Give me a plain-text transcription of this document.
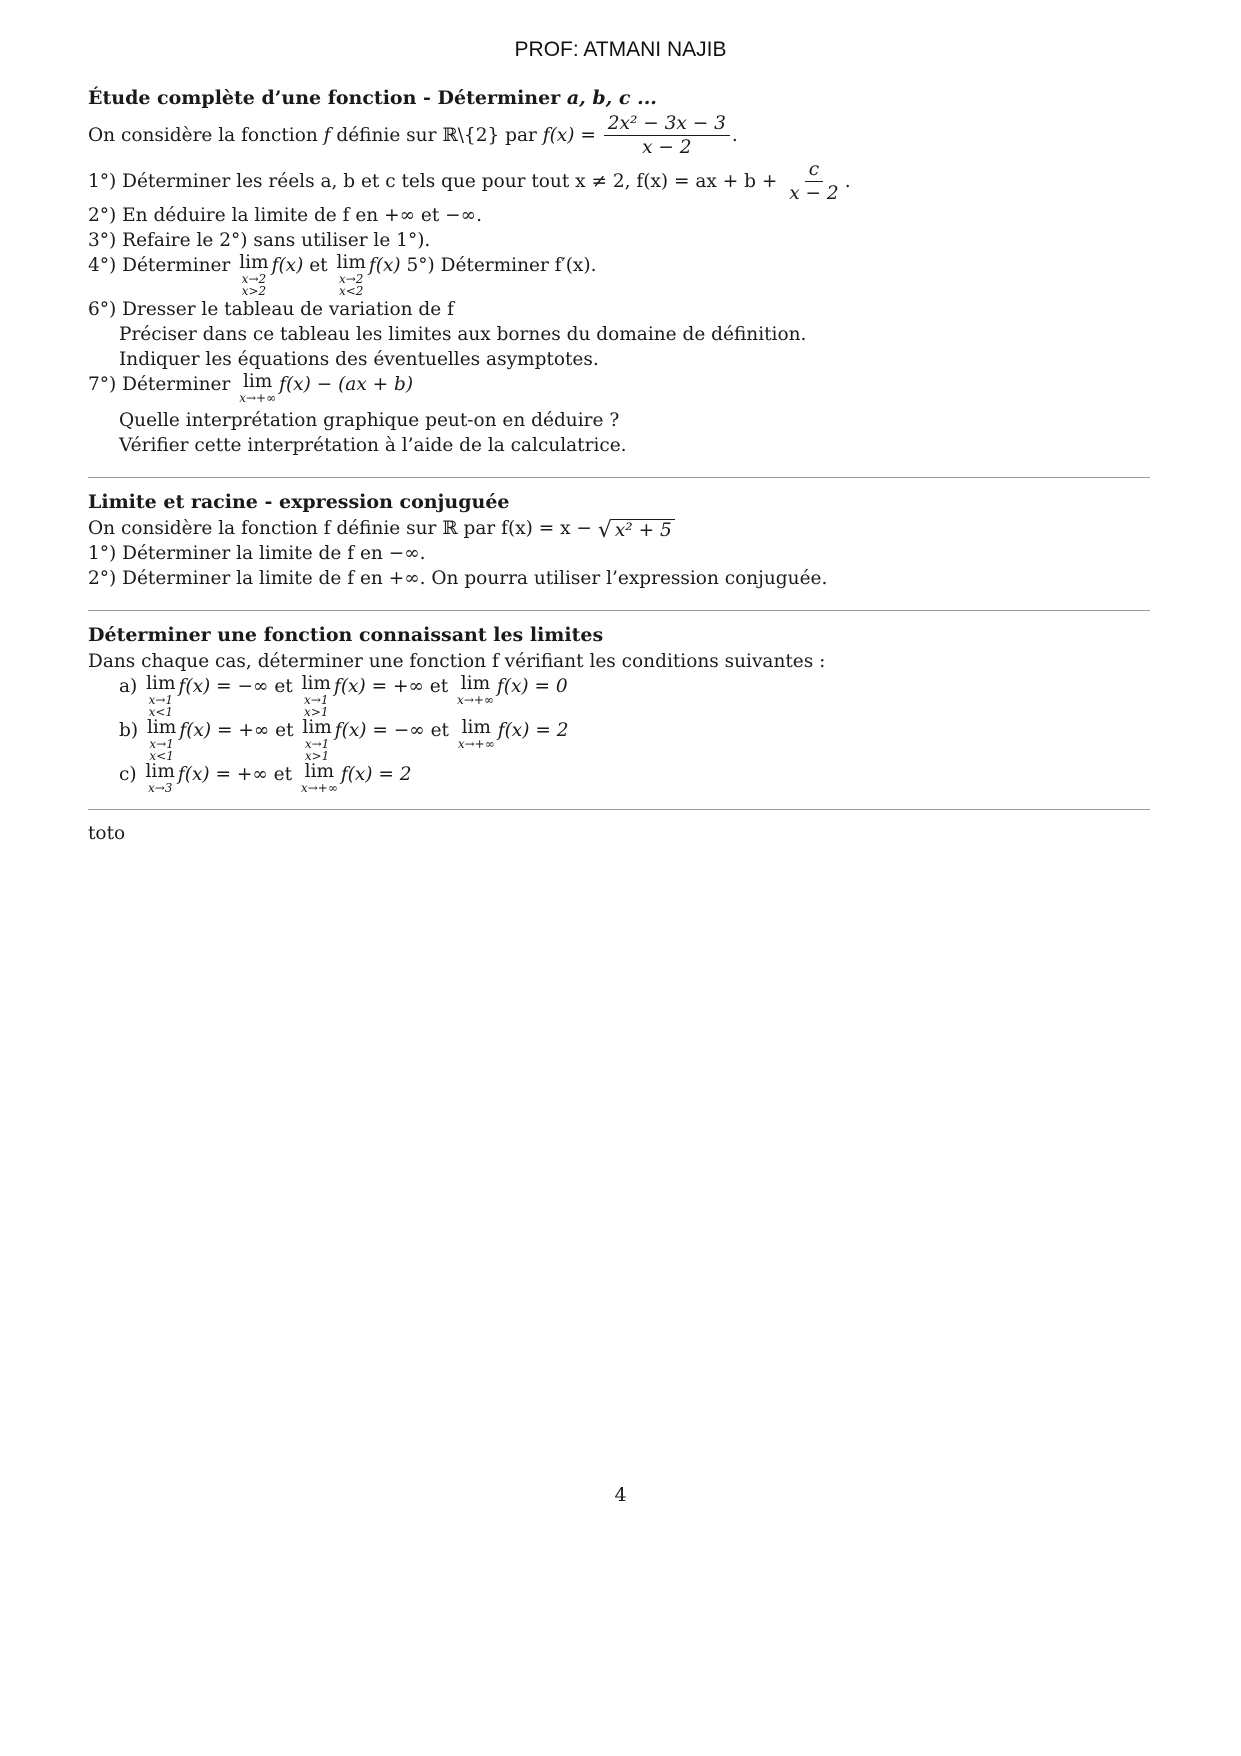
PROF: ATMANI NAJIB
Étude complète d’une fonction - Déterminer a, b, c ...
On considère la fonction f définie sur ℝ\{2} par $f(x) = \frac{\text{2x² − 3x − 3}}{x - 2}$ .
1°) Déterminer les réels a, b et c tels que pour tout x ≠ 2, f(x) = ax + $b + \frac{c}{x - 2}$ .
2°) En déduire la limite de f en +∞ et −∞.
3°) Refaire le 2°) sans utiliser le 1°).
4°) Déterminer lim
x→2
x>2
f(x) et lim
x→2
x<2
f(x) 5°) Déterminer f′(x).
6°) Dresser le tableau de variation de f
Préciser dans ce tableau les limites aux bornes du domaine de définition.
Indiquer les équations des éventuelles asymptotes.
7°) Déterminer lim
x→+∞
f(x) − (ax + b)
Quelle interprétation graphique peut-on en déduire ?
Vérifier cette interprétation à l’aide de la calculatrice.
Limite et racine - expression conjuguée
On considère la fonction f définie sur ℝ par f(x) = x − √ x² + 5
1°) Déterminer la limite de f en −∞.
2°) Déterminer la limite de f en +∞. On pourra utiliser l’expression conjuguée.
Déterminer une fonction connaissant les limites
Dans chaque cas, déterminer une fonction f vérifiant les conditions suivantes :
a) lim
x→1
x<1
f(x) = −∞ et lim
x→1
x>1
f(x) = +∞ et lim
x→+∞
f(x) = 0
b) lim
x→1
x<1
f(x) = +∞ et lim
x→1
x>1
f(x) = −∞ et lim
x→+∞
f(x) = 2
c) lim
x→3
f(x) = +∞ et lim
x→+∞
f(x) = 2
toto
4
